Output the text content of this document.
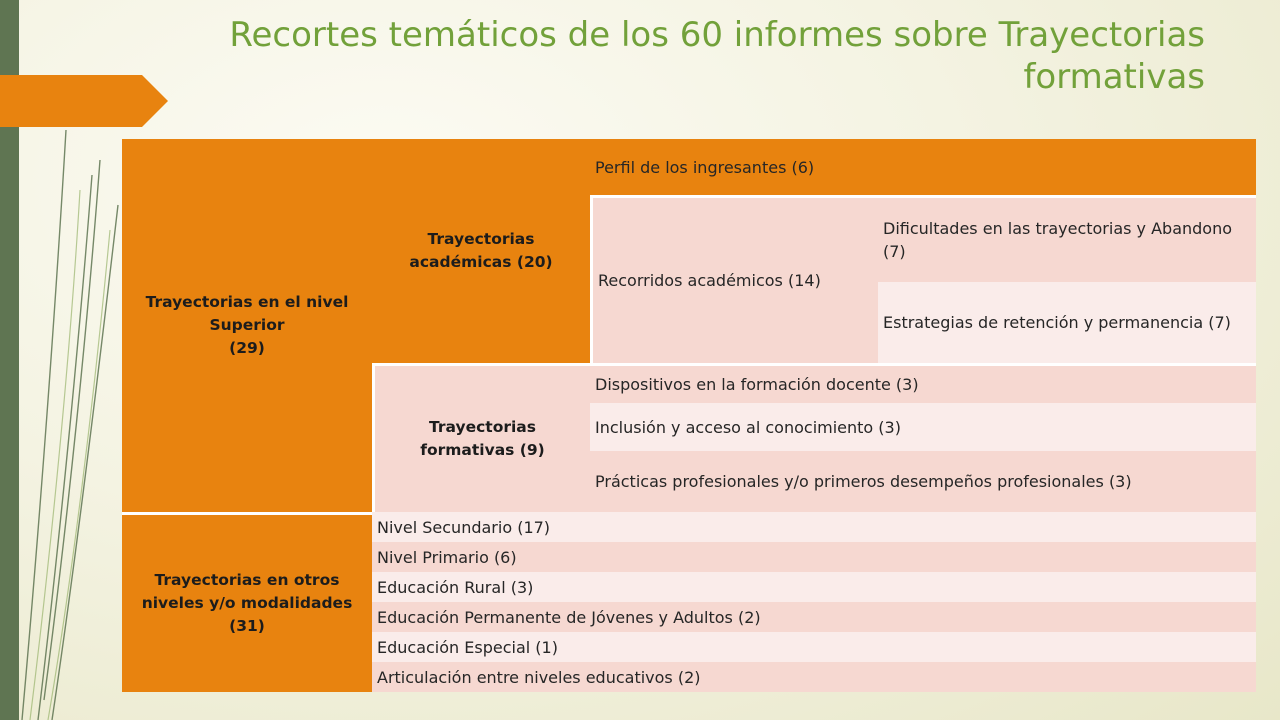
Recortes temáticos de los 60 informes sobre Trayectorias formativas
Trayectorias en el nivel Superior
(29)
Trayectorias académicas (20)
Perfil de los ingresantes (6)
Recorridos académicos (14)
Dificultades en las trayectorias y Abandono (7)
Estrategias de retención y permanencia (7)
Trayectorias formativas (9)
Dispositivos en la formación docente (3)
Inclusión y acceso al conocimiento (3)
Prácticas profesionales y/o primeros desempeños profesionales (3)
Trayectorias en otros niveles y/o modalidades
(31)
Nivel Secundario (17)
Nivel Primario (6)
Educación Rural (3)
Educación Permanente de Jóvenes y Adultos (2)
Educación Especial (1)
Articulación entre niveles educativos (2)
